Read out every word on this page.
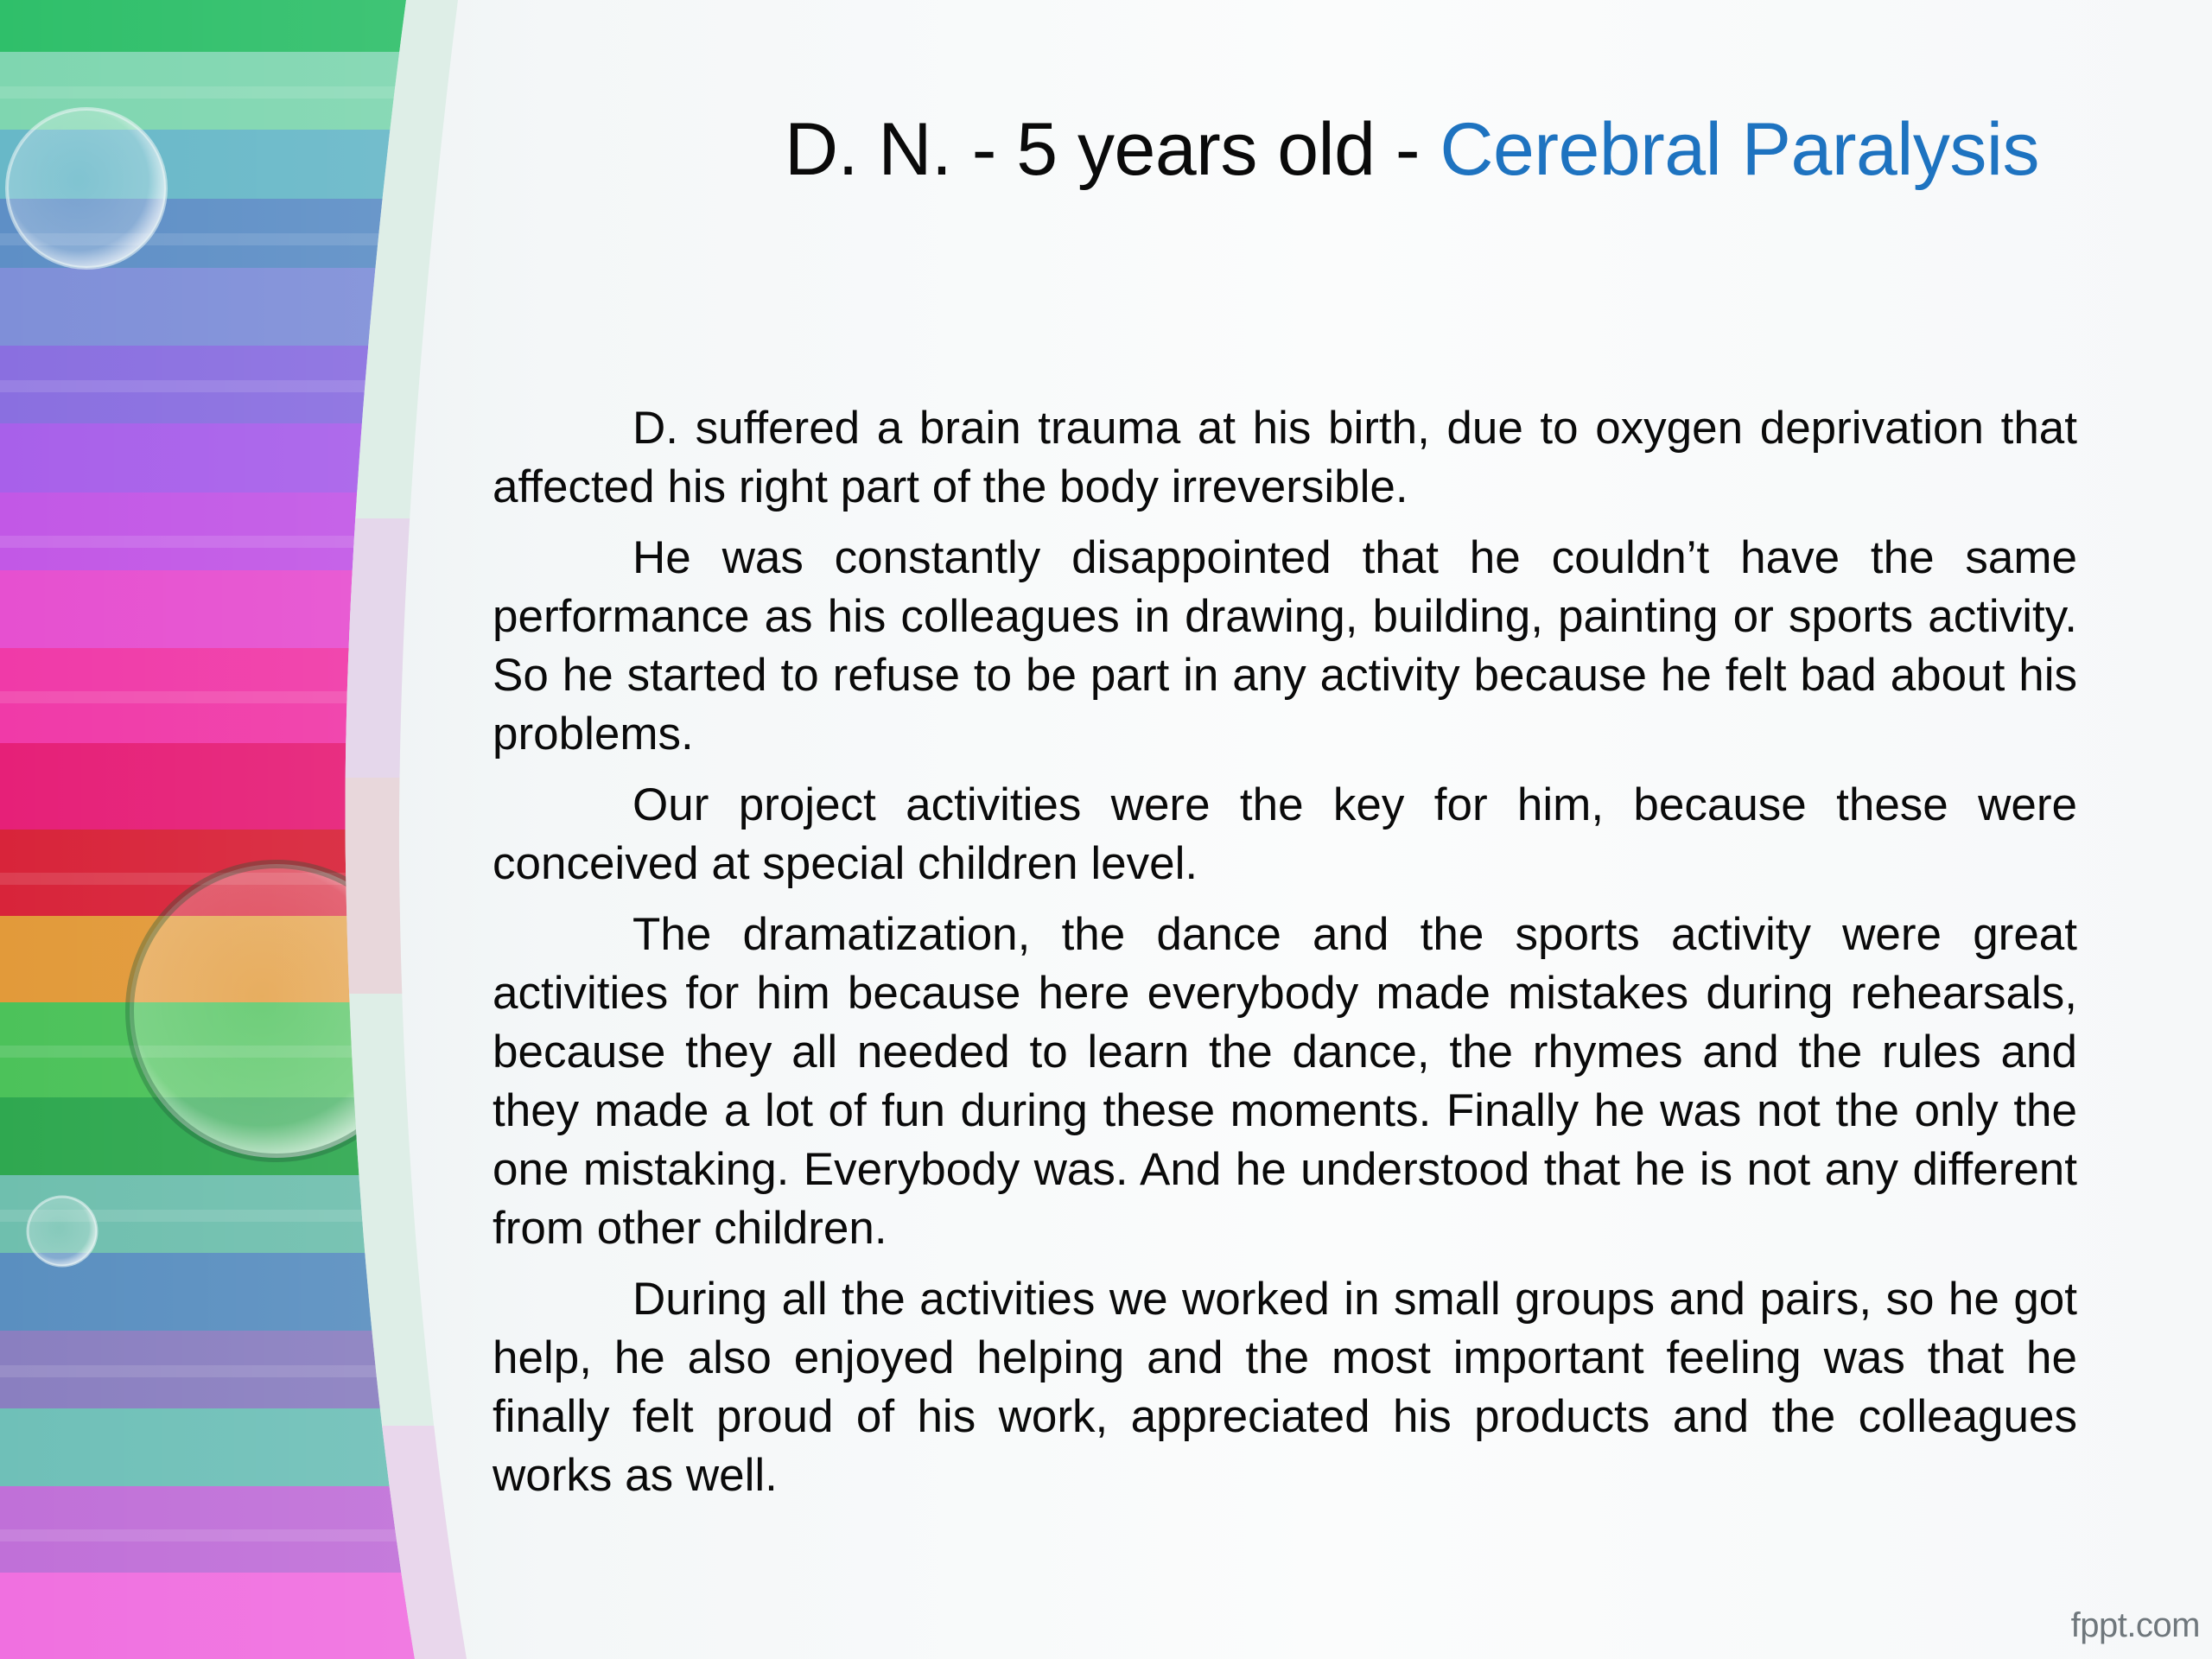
D. N. - 5 years old - Cerebral Paralysis

D. suffered a brain trauma at his birth, due to oxygen deprivation that affected his right part of the body irreversible.

He was constantly disappointed that he couldn’t have the same performance as his colleagues in drawing, building, painting or sports activity. So he started to refuse to be part in any activity because he felt bad about his problems.

Our project activities were the key for him, because these were conceived at special children level.

The dramatization, the dance and the sports activity were great activities for him because here everybody made mistakes during rehearsals, because they all needed to learn the dance, the rhymes and the rules and they made a lot of fun during these moments. Finally he was not the only the one mistaking. Everybody was. And he understood that he is not any different from other children.

During all the activities we worked in small groups and pairs, so he got help, he also enjoyed helping and the most important feeling was that he finally felt proud of his work, appreciated his products and the colleagues works as well.

fppt.com
